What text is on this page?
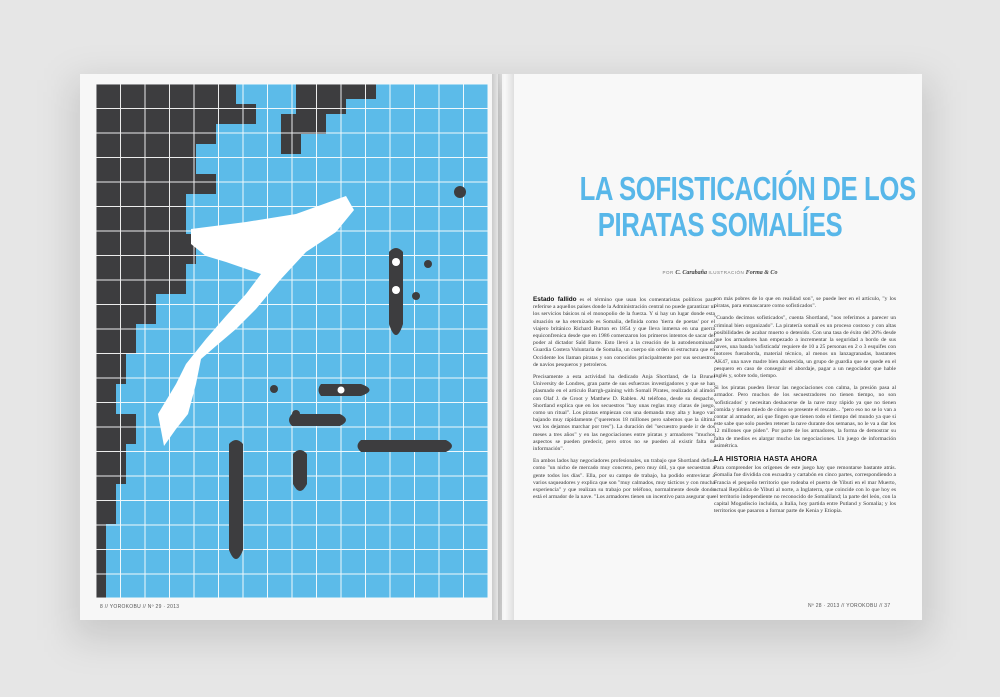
8 // YOROKOBU // Nº 29 · 2013	Nº 28 · 2013 // YOROKOBU // 37
LA SOFISTICACIÓN DE LOS
PIRATAS SOMALÍES
POR C. Carabaña ILUSTRACIÓN Forma & Co

Estado fallido es el término que usan los comentaristas políticos para referirse a aquellos países donde la Administración central no puede garantizar ni los servicios básicos ni el monopolio de la fuerza. Y si hay un lugar donde esta situación se ha eternizado es Somalia, definida como 'tierra de poetas' por el viajero británico Richard Burton en 1854 y que lleva inmersa en una guerra equiconfrenica desde que en 1986 comenzaron los primeros intentos de sacar del poder al dictador Saïd Barre. Esto llevó a la creación de la autodenominada Guardia Costera Voluntaria de Somalia, un cuerpo sin orden ni estructura que en Occidente los llaman piratas y son conocidos principalmente por sus secuestros de navíos pesqueros y petroleros.

Precisamente a esta actividad ha dedicado Anja Shortland, de la Brunel University de Londres, gran parte de sus esfuerzos investigadores y que se han plasmado en el artículo Barrgh-gaining with Somali Pirates, realizado al alimón con Olaf J. de Groot y Matthew D. Rablen. Al teléfono, desde su despacho, Shortland explica que en los secuestros "hay unas reglas muy claras de juego, como un ritual". Los piratas empiezan con una demanda muy alta y luego van bajando muy rápidamente ("queremos 18 millones pero sabemos que la última vez los dejamos marchar por tres"). La duración del "secuestro puede ir de dos meses a tres años" y en las negociaciones entre piratas y armadores "muchos aspectos se pueden predecir, pero otros no se pueden al existir falta de información".

En ambos lados hay negociadores profesionales, un trabajo que Shortland define como "un nicho de mercado muy concreto, pero muy útil, ya que secuestran a gente todos los días". Ella, por su campo de trabajo, ha podido entrevistar a varios saqueadores y explica que son "muy calmados, muy tácticos y con mucha experiencia" y que realizan su trabajo por teléfono, normalmente desde donde está el armador de la nave. "Los armadores tienen un incentivo para asegurar que

son más pobres de lo que en realidad son", se puede leer en el artículo, "y los piratas, para enmascarare como sofisticados".

"Cuando decimos sofisticados", cuenta Shortland, "nos referimos a parecer un criminal bien organizado". La piratería somalí es un proceso costoso y con altas posibilidades de acabar muerto o detenido. Con una tasa de éxito del 20% desde que los armadores han empezado a incrementar la seguridad a bordo de sus naves, una banda 'sofisticada' requiere de 10 a 25 personas en 2 o 3 esquifes con motores fueraborda, material técnico, al menos un lanzagranadas, bastantes AK47, una nave madre bien abastecida, un grupo de guardia que se quede en el pesquero en caso de conseguir el abordaje, pagar a un negociador que hable inglés y, sobre todo, tiempo.

Si los piratas pueden llevar las negociaciones con calma, la presión pasa al armador. Pero muchos de los secuestradores no tienen tiempo, no son 'sofisticados' y necesitan deshacerse de la nave muy rápido ya que no tienen comida y tienen miedo de cómo se presente el rescate... "pero eso no se lo van a contar al armador, así que fingen que tienen todo el tiempo del mundo ya que si este sabe que solo pueden retener la nave durante dos semanas, no le va a dar los 12 millones que piden". Por parte de los armadores, la forma de demostrar su falta de medios es alargar mucho las negociaciones. Un juego de información asimétrica.

LA HISTORIA HASTA AHORA

Para comprender los orígenes de este juego hay que remontarse bastante atrás. Somalia fue dividida con escuadra y cartabón en cinco partes, correspondiendo a Francia el pequeño territorio que rodeaba el puerto de Yibuti en el mar Muerto, actual República de Yibuti al norte, a Inglaterra, que coincide con lo que hoy es el territorio independiente no reconocido de Somaliland; la parte del león, con la capital Mogadiscio incluida, a Italia, hoy partida entre Putland y Somalia; y los territorios que pasaron a formar parte de Kenia y Etiopía.
